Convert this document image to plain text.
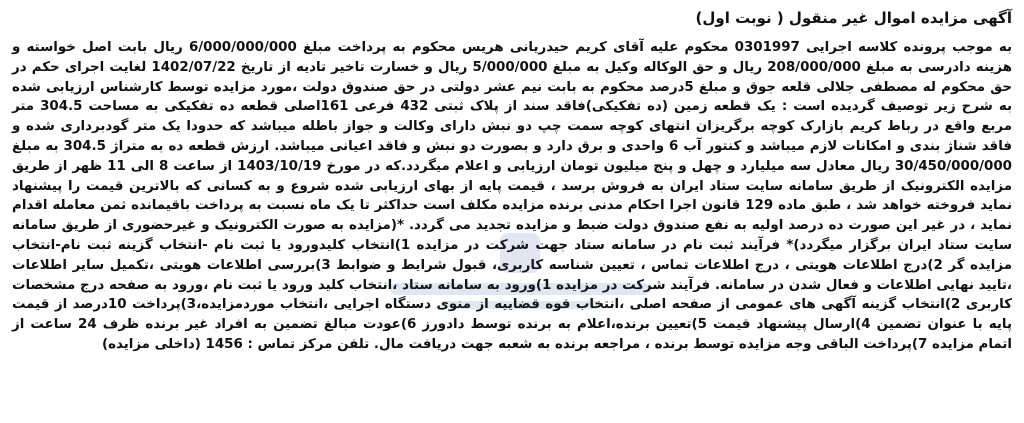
آگهی مزایده اموال غیر منقول ( نوبت اول)

به موجب پرونده کلاسه اجرایی 0301997 محکوم علیه آقای کریم حیدریانی هریس محکوم به پرداخت مبلغ 6/000/000/000 ریال بابت اصل خواسته و هزینه دادرسی به مبلغ 208/000/000 ریال و حق الوکاله وکیل به مبلغ 5/000/000 ریال و خسارت تاخیر تادیه از تاریخ 1402/07/22 لغایت اجرای حکم در حق محکوم له مصطفی جلالی قلعه جوق و مبلغ 5درصد محکوم به بابت نیم عشر دولتی در حق صندوق دولت ،مورد مزایده توسط کارشناس ارزیابی شده به شرح زیر توصیف گردیده است : یک قطعه زمین (ده تفکیکی)فاقد سند از پلاک ثبتی 432 فرعی 161اصلی قطعه ده تفکیکی به مساحت 304.5 متر مربع واقع در رباط کریم بازارک کوچه برگریزان انتهای کوچه سمت چپ دو نبش دارای وکالت و جواز باطله میباشد که حدودا یک متر گودبرداری شده و فاقد شناژ بندی و امکانات لازم میباشد و کنتور آب 6 واحدی و برق دارد و بصورت دو نبش و فاقد اعیانی میباشد. ارزش قطعه ده به متراژ 304.5 به مبلغ 30/450/000/000 ریال معادل سه میلیارد و چهل و پنج میلیون تومان ارزیابی و اعلام میگردد.که در مورخ 1403/10/19 از ساعت 8 الی 11 ظهر از طریق مزایده الکترونیک از طریق سامانه سایت ستاد ایران به فروش برسد ، قیمت پایه از بهای ارزیابی شده شروع و به کسانی که بالاترین قیمت را پیشنهاد نماید فروخته خواهد شد ، طبق ماده 129 قانون اجرا احکام مدنی برنده مزایده مکلف است حداکثر تا یک ماه نسبت به پرداخت باقیمانده ثمن معامله اقدام نماید ، در غیر این صورت ده درصد اولیه به نفع صندوق دولت ضبط و مزایده تجدید می گردد. *(مزایده به صورت الکترونیک و غیرحضوری از طریق سامانه سایت ستاد ایران برگزار میگردد)* فرآیند ثبت نام در سامانه ستاد جهت شرکت در مزایده 1)انتخاب کلیدورود یا ثبت نام -انتخاب گزینه ثبت نام-انتخاب مزایده گر 2)درج اطلاعات هویتی ، درج اطلاعات تماس ، تعیین شناسه کاربری، قبول شرایط و ضوابط 3)بررسی اطلاعات هویتی ،تکمیل سایر اطلاعات ،تایید نهایی اطلاعات و فعال شدن در سامانه. فرآیند شرکت در مزایده 1)ورود به سامانه ستاد ،انتخاب کلید ورود یا ثبت نام ،ورود به صفحه درج مشخصات کاربری 2)انتخاب گزینه آگهی های عمومی از صفحه اصلی ،انتخاب قوه قضاییه از منوی دستگاه اجرایی ،انتخاب موردمزایده،3)پرداخت 10درصد از قیمت پایه با عنوان تضمین 4)ارسال پیشنهاد قیمت 5)تعیین برنده،اعلام به برنده توسط دادورز 6)عودت مبالغ تضمین به افراد غیر برنده ظرف 24 ساعت از اتمام مزایده 7)پرداخت الباقی وجه مزایده توسط برنده ، مراجعه برنده به شعبه جهت دریافت مال. تلفن مرکز تماس : 1456 (داخلی مزایده)
